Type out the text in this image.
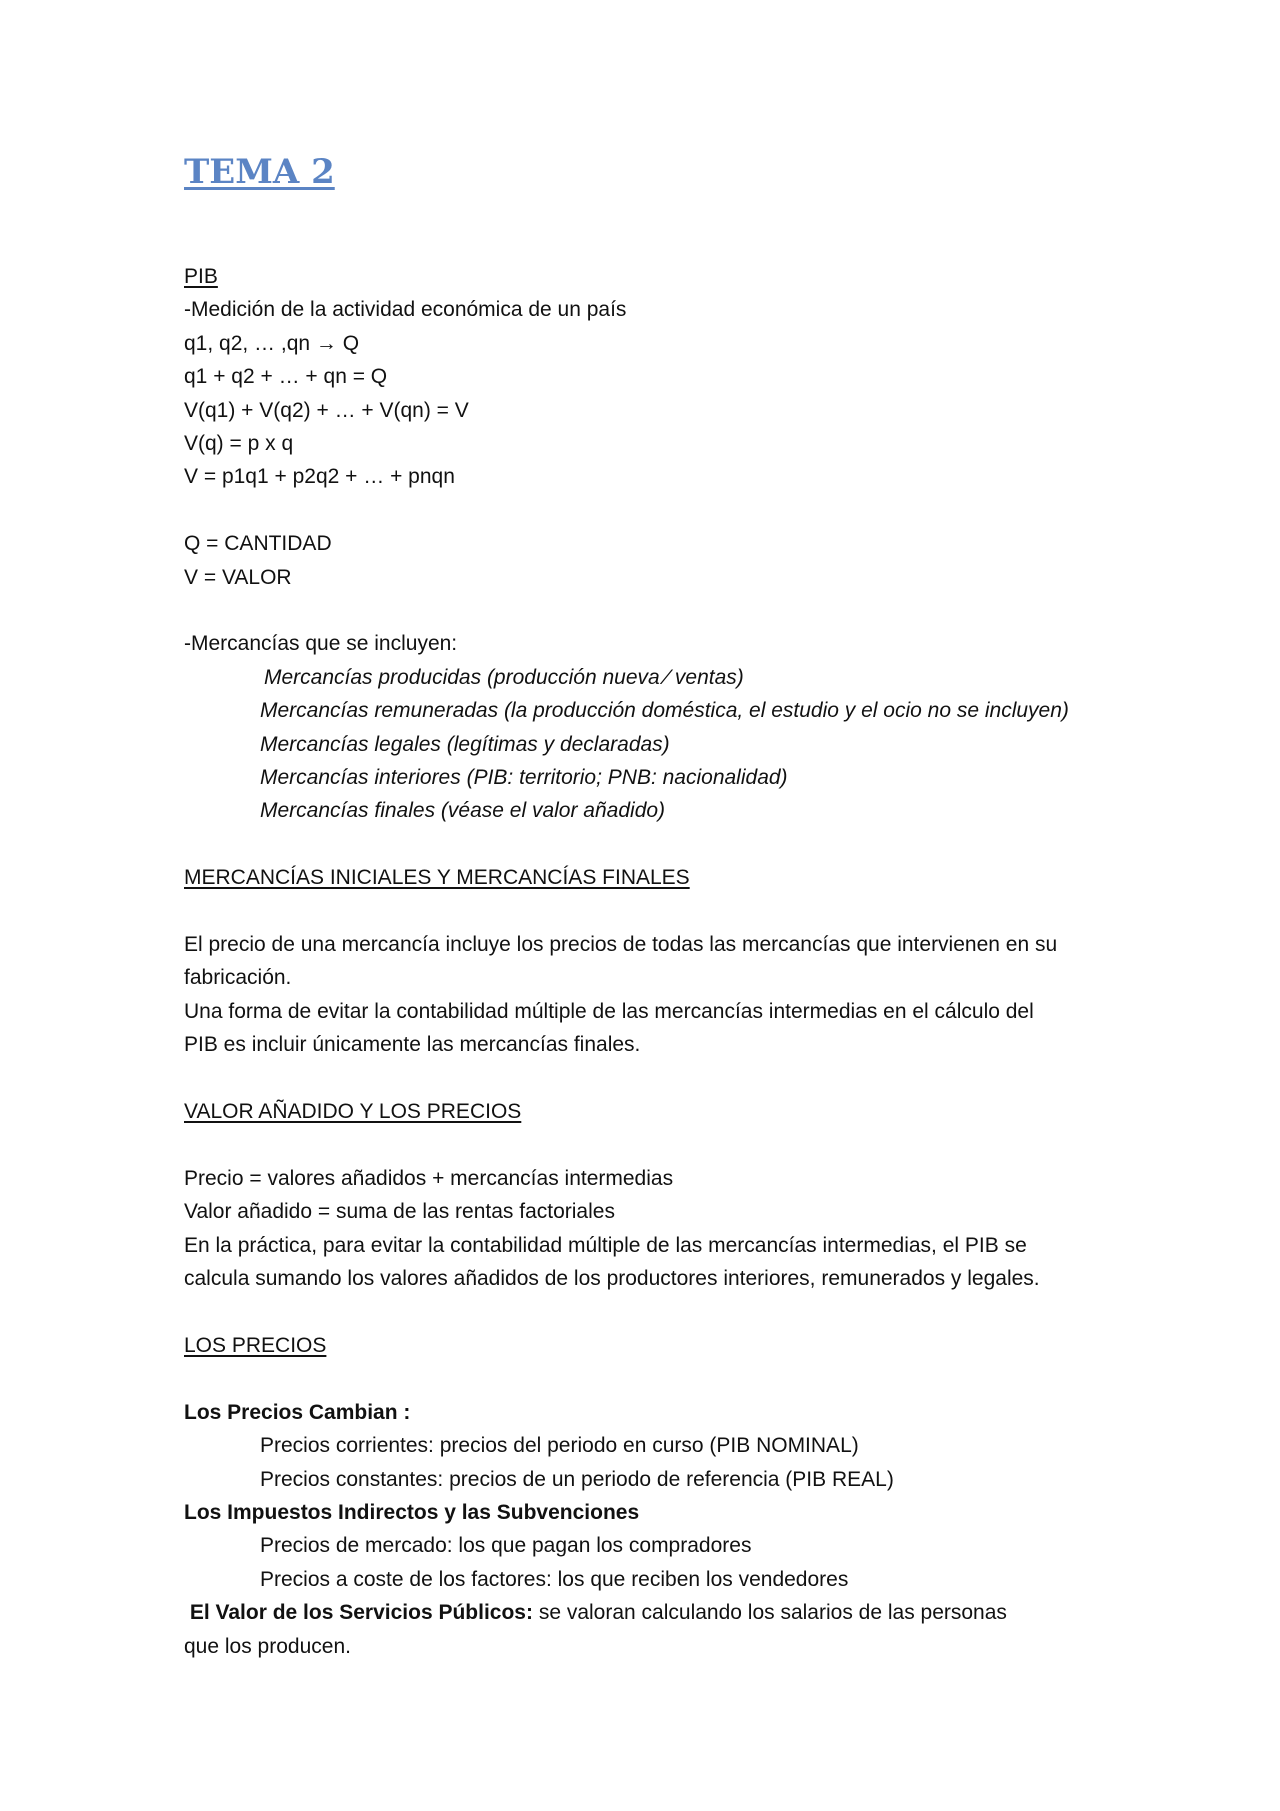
TEMA 2
PIB
-Medición de la actividad económica de un país
q1, q2, … ,qn → Q
q1 + q2 + … + qn = Q
V(q1) + V(q2) + … + V(qn) = V
V(q) = p x q
V = p1q1 + p2q2 + … + pnqn
Q = CANTIDAD
V = VALOR
-Mercancías que se incluyen:
Mercancías producidas (producción nueva ⁄ ventas)
Mercancías remuneradas (la producción doméstica, el estudio y el ocio no se incluyen)
Mercancías legales (legítimas y declaradas)
Mercancías interiores (PIB: territorio; PNB: nacionalidad)
Mercancías finales (véase el valor añadido)
MERCANCÍAS INICIALES Y MERCANCÍAS FINALES
El precio de una mercancía incluye los precios de todas las mercancías que intervienen en su
fabricación.
Una forma de evitar la contabilidad múltiple de las mercancías intermedias en el cálculo del
PIB es incluir únicamente las mercancías finales.
VALOR AÑADIDO Y LOS PRECIOS
Precio = valores añadidos + mercancías intermedias
Valor añadido = suma de las rentas factoriales
En la práctica, para evitar la contabilidad múltiple de las mercancías intermedias, el PIB se
calcula sumando los valores añadidos de los productores interiores, remunerados y legales.
LOS PRECIOS
Los Precios Cambian :
Precios corrientes: precios del periodo en curso (PIB NOMINAL)
Precios constantes: precios de un periodo de referencia (PIB REAL)
Los Impuestos Indirectos y las Subvenciones
Precios de mercado: los que pagan los compradores
Precios a coste de los factores: los que reciben los vendedores
El Valor de los Servicios Públicos: se valoran calculando los salarios de las personas
que los producen.
